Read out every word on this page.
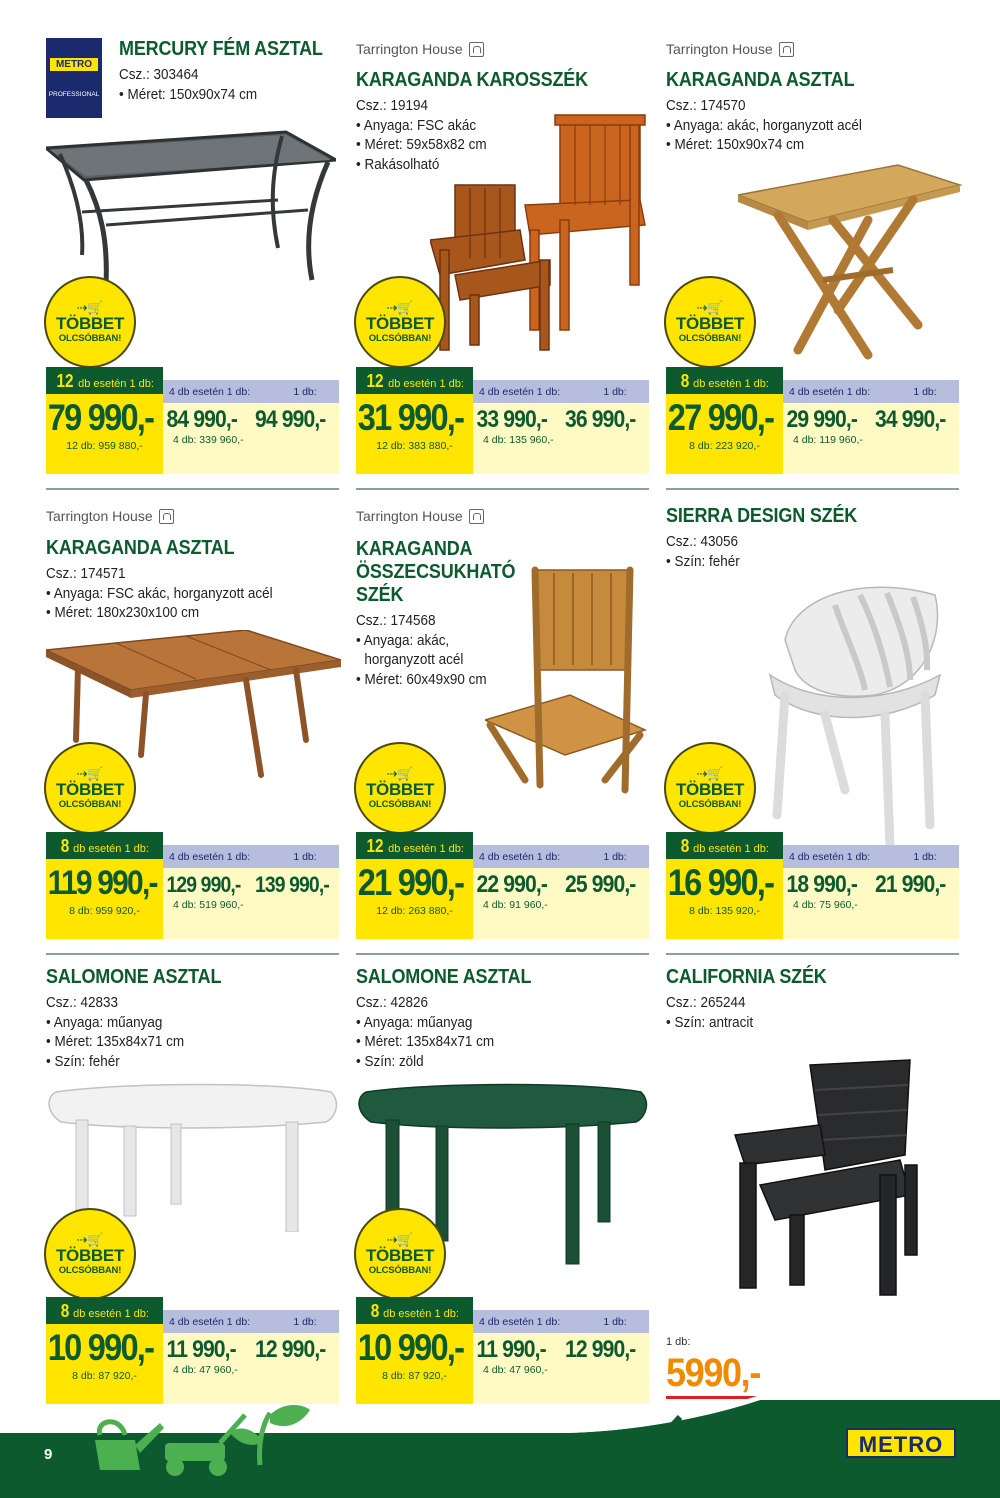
METRO
PROFESSIONAL
MERCURY FÉM ASZTAL
Csz.: 303464
• Méret: 150x90x74 cm
⇢🛒
TÖBBET
OLCSÓBBAN!
12 db esetén 1 db:
79 990,-
12 db: 959 880,-
4 db esetén 1 db:	1 db:
84 990,- 94 990,-
4 db: 339 960,-
Tarrington House
KARAGANDA KAROSSZÉK
Csz.: 19194
• Anyaga: FSC akác
• Méret: 59x58x82 cm
• Rakásolható
⇢🛒
TÖBBET
OLCSÓBBAN!
12 db esetén 1 db:
31 990,-
12 db: 383 880,-
4 db esetén 1 db:	1 db:
33 990,- 36 990,-
4 db: 135 960,-
Tarrington House
KARAGANDA ASZTAL
Csz.: 174570
• Anyaga: akác, horganyzott acél
• Méret: 150x90x74 cm
⇢🛒
TÖBBET
OLCSÓBBAN!
8 db esetén 1 db:
27 990,-
8 db: 223 920,-
4 db esetén 1 db:	1 db:
29 990,- 34 990,-
4 db: 119 960,-
Tarrington House
KARAGANDA ASZTAL
Csz.: 174571
• Anyaga: FSC akác, horganyzott acél
• Méret: 180x230x100 cm
⇢🛒
TÖBBET
OLCSÓBBAN!
8 db esetén 1 db:
119 990,-
8 db: 959 920,-
4 db esetén 1 db:	1 db:
129 990,- 139 990,-
4 db: 519 960,-
Tarrington House
KARAGANDA
ÖSSZECSUKHATÓ
SZÉK
Csz.: 174568
• Anyaga: akác,
horganyzott acél
• Méret: 60x49x90 cm
⇢🛒
TÖBBET
OLCSÓBBAN!
12 db esetén 1 db:
21 990,-
12 db: 263 880,-
4 db esetén 1 db:	1 db:
22 990,- 25 990,-
4 db: 91 960,-
SIERRA DESIGN SZÉK
Csz.: 43056
• Szín: fehér
⇢🛒
TÖBBET
OLCSÓBBAN!
8 db esetén 1 db:
16 990,-
8 db: 135 920,-
4 db esetén 1 db:	1 db:
18 990,- 21 990,-
4 db: 75 960,-
SALOMONE ASZTAL
Csz.: 42833
• Anyaga: műanyag
• Méret: 135x84x71 cm
• Szín: fehér
⇢🛒
TÖBBET
OLCSÓBBAN!
8 db esetén 1 db:
10 990,-
8 db: 87 920,-
4 db esetén 1 db:	1 db:
11 990,- 12 990,-
4 db: 47 960,-
SALOMONE ASZTAL
Csz.: 42826
• Anyaga: műanyag
• Méret: 135x84x71 cm
• Szín: zöld
⇢🛒
TÖBBET
OLCSÓBBAN!
8 db esetén 1 db:
10 990,-
8 db: 87 920,-
4 db esetén 1 db:	1 db:
11 990,- 12 990,-
4 db: 47 960,-
CALIFORNIA SZÉK
Csz.: 265244
• Szín: antracit
1 db:
5990,-
9	METRO
